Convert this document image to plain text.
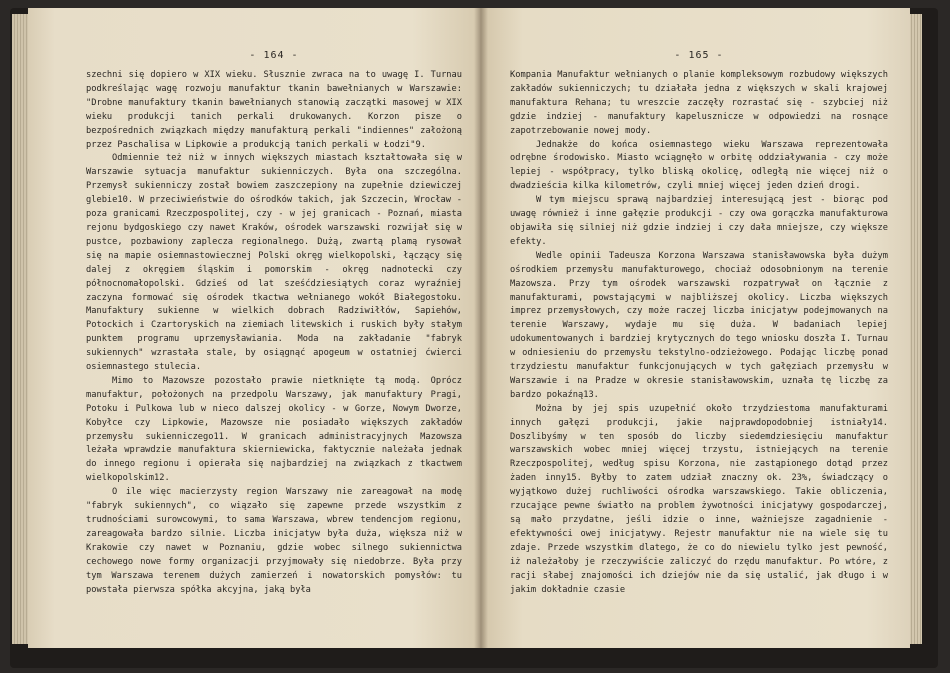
- 164 -

szechni się dopiero w XIX wieku. Słusznie zwraca na to uwagę I. Turnau podkreślając wagę rozwoju manufaktur tkanin bawełnianych w Warszawie: "Drobne manufaktury tkanin bawełnianych stanowią zaczątki masowej w XIX wieku produkcji tanich perkali drukowanych. Korzon pisze o bezpośrednich związkach między manufakturą perkali "indiennes" założoną przez Paschalisa w Lipkowie a produkcją tanich perkali w Łodzi"9.

Odmiennie też niż w innych większych miastach kształtowała się w Warszawie sytuacja manufaktur sukienniczych. Była ona szczególna. Przemysł sukienniczy został bowiem zaszczepiony na zupełnie dziewiczej glebie10. W przeciwieństwie do ośrodków takich, jak Szczecin, Wrocław - poza granicami Rzeczpospolitej, czy - w jej granicach - Poznań, miasta rejonu bydgoskiego czy nawet Kraków, ośrodek warszawski rozwijał się w pustce, pozbawiony zaplecza regionalnego. Dużą, zwartą plamą rysował się na mapie osiemnastowiecznej Polski okręg wielkopolski, łączący się dalej z okręgiem śląskim i pomorskim - okręg nadnotecki czy północnomałopolski. Gdzieś od lat sześćdziesiątych coraz wyraźniej zaczyna formować się ośrodek tkactwa wełnianego wokół Białegostoku. Manufaktury sukienne w wielkich dobrach Radziwiłłów, Sapiehów, Potockich i Czartoryskich na ziemiach litewskich i ruskich były stałym punktem programu uprzemysławiania. Moda na zakładanie "fabryk sukiennych" wzrastała stale, by osiągnąć apogeum w ostatniej ćwierci osiemnastego stulecia.

Mimo to Mazowsze pozostało prawie nietknięte tą modą. Oprócz manufaktur, położonych na przedpolu Warszawy, jak manufaktury Pragi, Potoku i Pulkowa lub w nieco dalszej okolicy - w Gorze, Nowym Dworze, Kobyłce czy Lipkowie, Mazowsze nie posiadało większych zakładów przemysłu sukienniczego11. W granicach administracyjnych Mazowsza leżała wprawdzie manufaktura skierniewicka, faktycznie należała jednak do innego regionu i opierała się najbardziej na związkach z tkactwem wielkopolskim12.

O ile więc macierzysty region Warszawy nie zareagował na modę "fabryk sukiennych", co wiązało się zapewne przede wszystkim z trudnościami surowcowymi, to sama Warszawa, wbrew tendencjom regionu, zareagowała bardzo silnie. Liczba inicjatyw była duża, większa niż w Krakowie czy nawet w Poznaniu, gdzie wobec silnego sukiennictwa cechowego nowe formy organizacji przyjmowały się niedobrze. Była przy tym Warszawa terenem dużych zamierzeń i nowatorskich pomysłów: tu powstała pierwsza spółka akcyjna, jaką była

- 165 -

Kompania Manufaktur wełnianych o planie kompleksowym rozbudowy większych zakładów sukienniczych; tu działała jedna z większych w skali krajowej manufaktura Rehana; tu wreszcie zaczęły rozrastać się - szybciej niż gdzie indziej - manufaktury kapelusznicze w odpowiedzi na rosnące zapotrzebowanie nowej mody.

Jednakże do końca osiemnastego wieku Warszawa reprezentowała odrębne środowisko. Miasto wciągnęło w orbitę oddziaływania - czy może lepiej - współpracy, tylko bliską okolicę, odległą nie więcej niż o dwadzieścia kilka kilometrów, czyli mniej więcej jeden dzień drogi.

W tym miejscu sprawą najbardziej interesującą jest - biorąc pod uwagę również i inne gałęzie produkcji - czy owa gorączka manufakturowa objawiła się silniej niż gdzie indziej i czy dała mniejsze, czy większe efekty.

Wedle opinii Tadeusza Korzona Warszawa stanisławowska była dużym ośrodkiem przemysłu manufakturowego, chociaż odosobnionym na terenie Mazowsza. Przy tym ośrodek warszawski rozpatrywał on łącznie z manufakturami, powstającymi w najbliższej okolicy. Liczba większych imprez przemysłowych, czy może raczej liczba inicjatyw podejmowanych na terenie Warszawy, wydaje mu się duża. W badaniach lepiej udokumentowanych i bardziej krytycznych do tego wniosku doszła I. Turnau w odniesieniu do przemysłu tekstylno-odzieżowego. Podając liczbę ponad trzydziestu manufaktur funkcjonujących w tych gałęziach przemysłu w Warszawie i na Pradze w okresie stanisławowskim, uznała tę liczbę za bardzo pokaźną13.

Można by jej spis uzupełnić około trzydziestoma manufakturami innych gałęzi produkcji, jakie najprawdopodobniej istniały14. Doszlibyśmy w ten sposób do liczby siedemdziesięciu manufaktur warszawskich wobec mniej więcej trzystu, istniejących na terenie Rzeczpospolitej, według spisu Korzona, nie zastąpionego dotąd przez żaden inny15. Byłby to zatem udział znaczny ok. 23%, świadczący o wyjątkowo dużej ruchliwości ośrodka warszawskiego. Takie obliczenia, rzucające pewne światło na problem żywotności inicjatywy gospodarczej, są mało przydatne, jeśli idzie o inne, ważniejsze zagadnienie - efektywności owej inicjatywy. Rejestr manufaktur nie na wiele się tu zdaje. Przede wszystkim dlatego, że co do niewielu tylko jest pewność, iż należałoby je rzeczywiście zaliczyć do rzędu manufaktur. Po wtóre, z racji słabej znajomości ich dziejów nie da się ustalić, jak długo i w jakim dokładnie czasie
